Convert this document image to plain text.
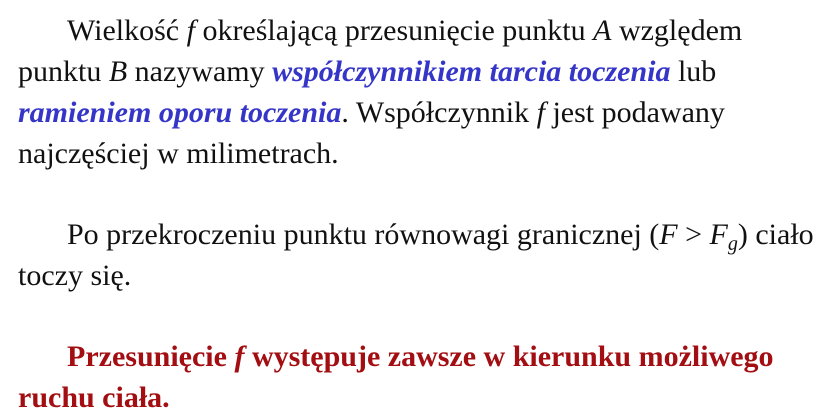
Wielkość f określającą przesunięcie punktu A względem punktu B nazywamy współczynnikiem tarcia toczenia lub ramieniem oporu toczenia. Współczynnik f jest podawany najczęściej w milimetrach.

Po przekroczeniu punktu równowagi granicznej $(F > F_g)$ ciało toczy się.

Przesunięcie f występuje zawsze w kierunku możliwego ruchu ciała.
